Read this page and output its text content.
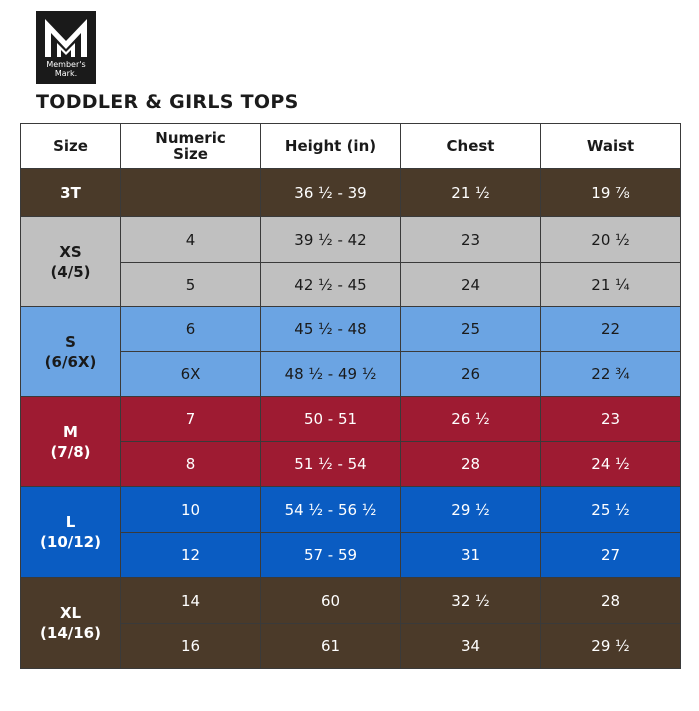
Member's
Mark.
TODDLER & GIRLS TOPS
Size	Numeric Size	Height (in)	Chest	Waist
3T		36 ½ - 39	21 ½	19 ⅞
XS
(4/5)	4	39 ½ - 42	23	20 ½
	5	42 ½ - 45	24	21 ¼
S
(6/6X)	6	45 ½ - 48	25	22
	6X	48 ½ - 49 ½	26	22 ¾
M
(7/8)	7	50 - 51	26 ½	23
	8	51 ½ - 54	28	24 ½
L
(10/12)	10	54 ½ - 56 ½	29 ½	25 ½
	12	57 - 59	31	27
XL
(14/16)	14	60	32 ½	28
	16	61	34	29 ½
